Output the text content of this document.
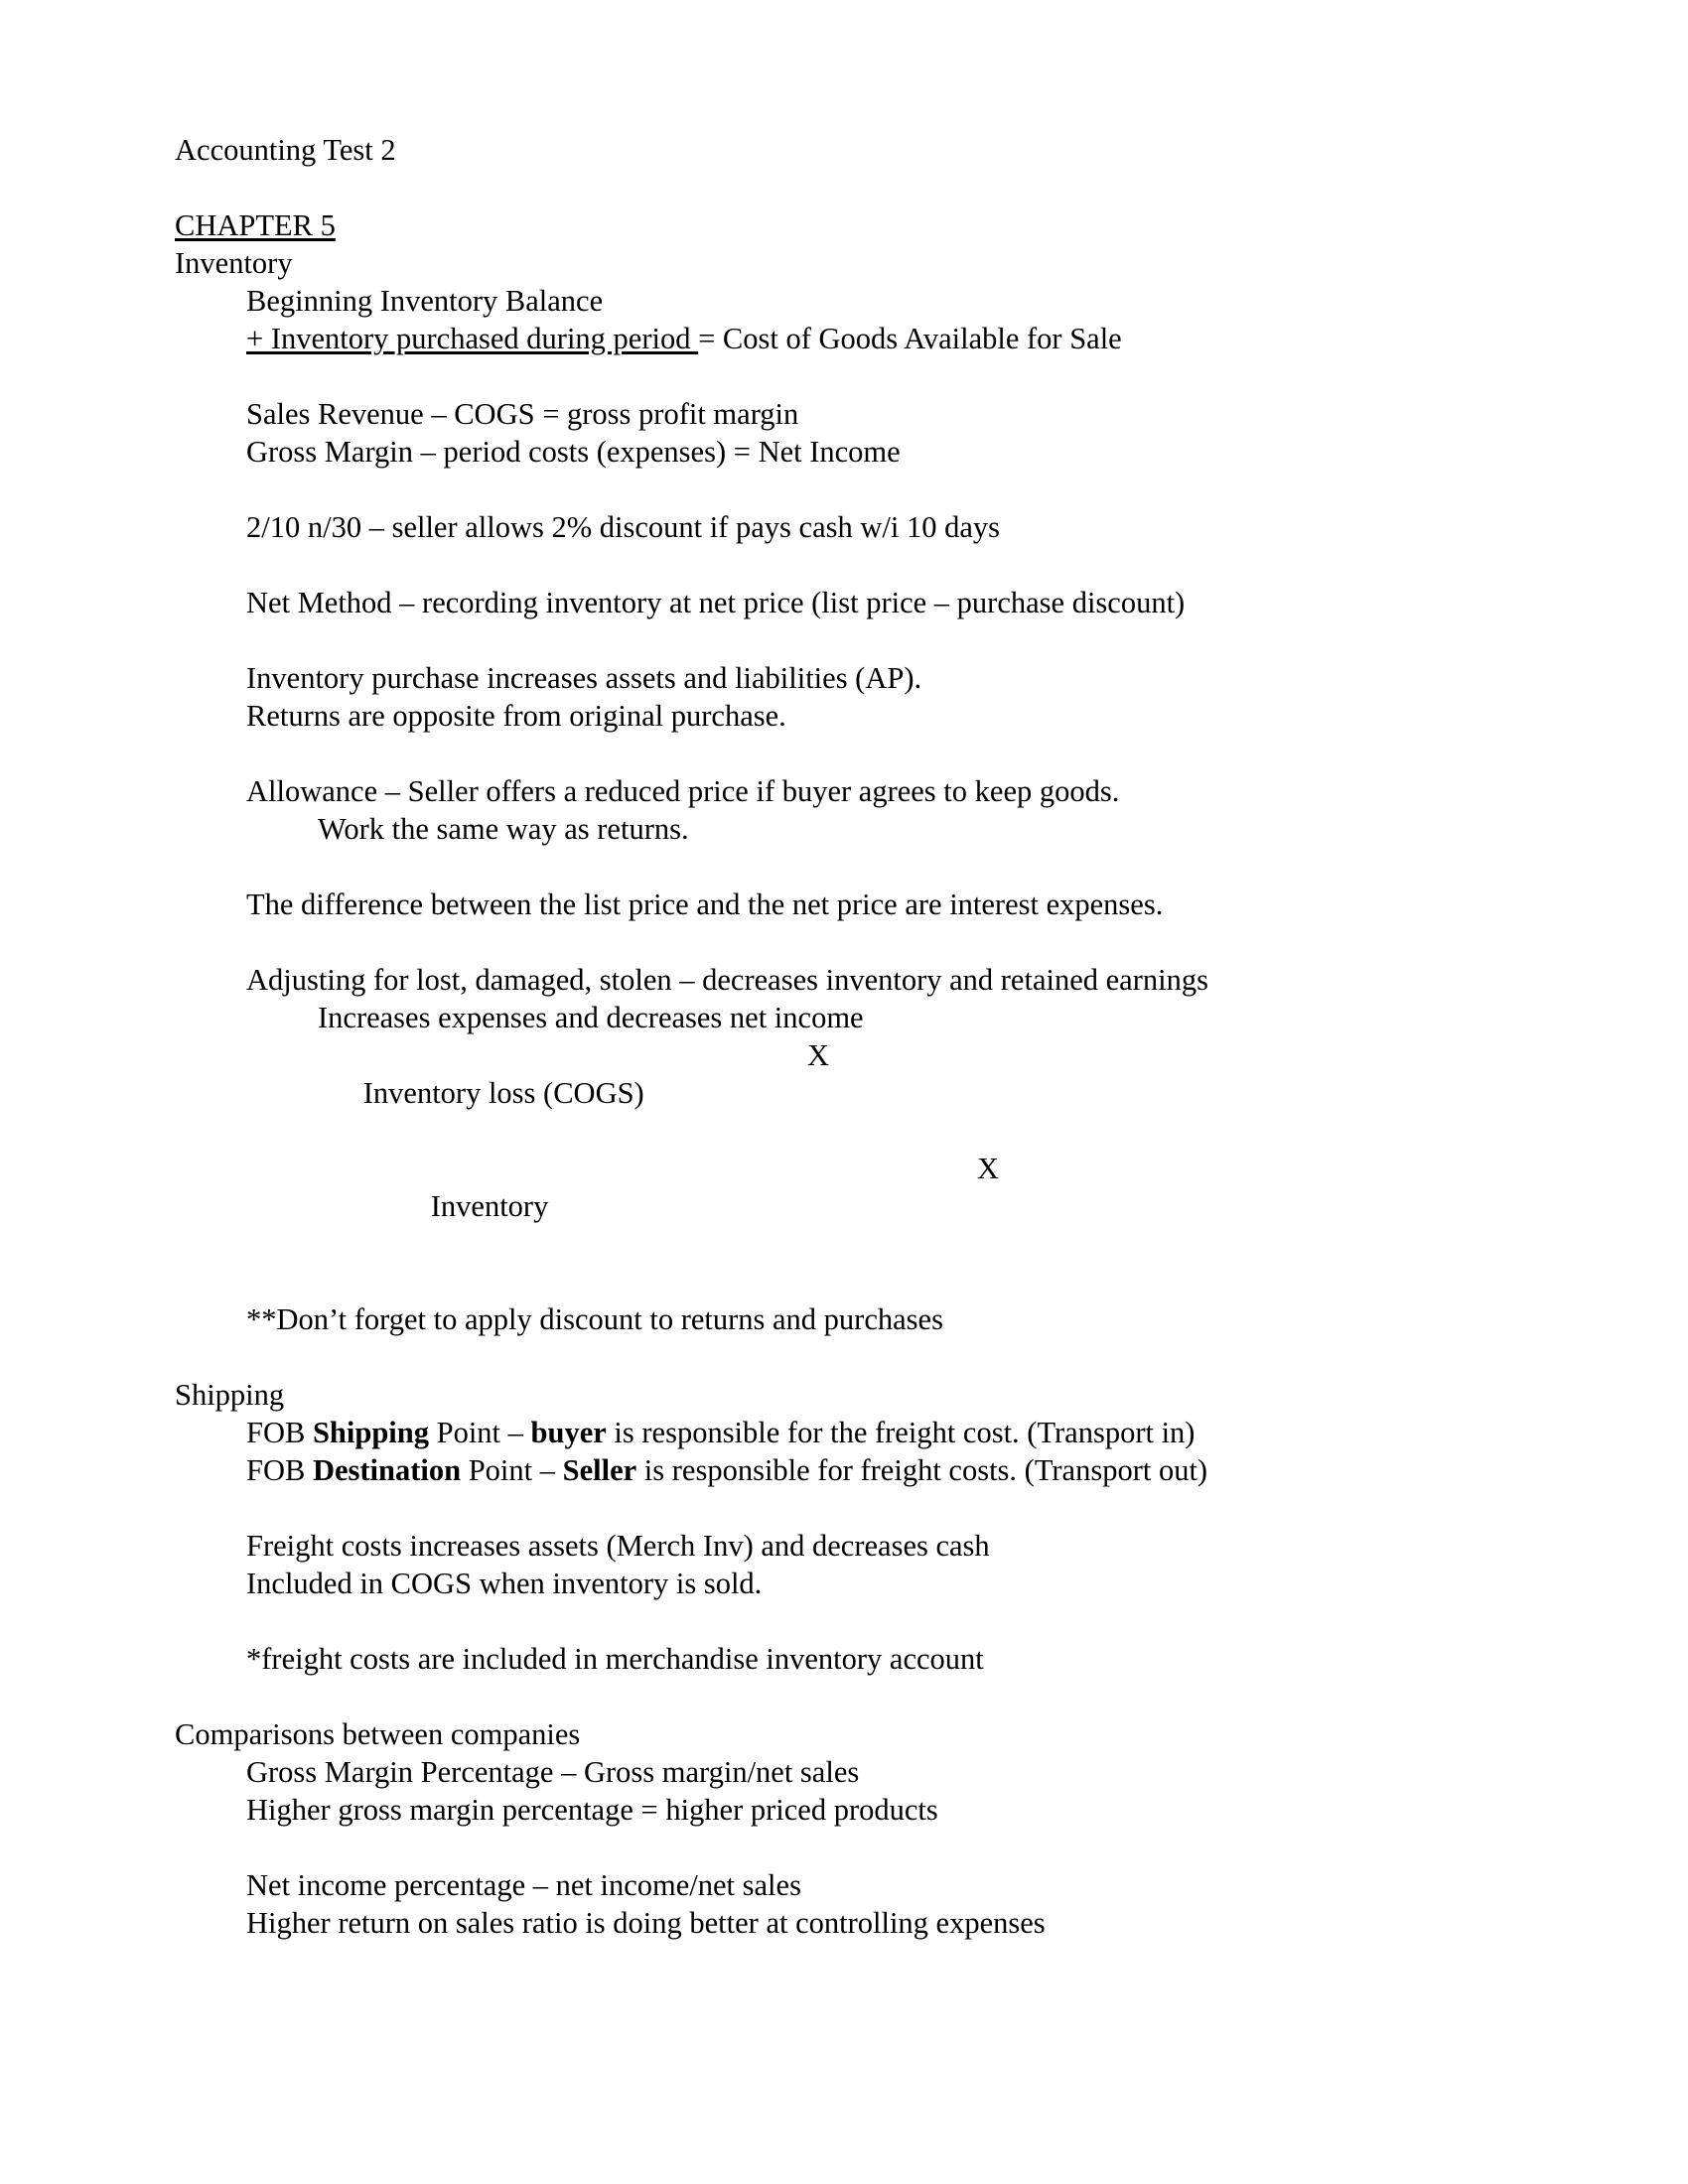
Accounting Test 2
CHAPTER 5
Inventory
Beginning Inventory Balance
+ Inventory purchased during period = Cost of Goods Available for Sale
Sales Revenue – COGS = gross profit margin
Gross Margin – period costs (expenses) = Net Income
2/10 n/30 – seller allows 2% discount if pays cash w/i 10 days
Net Method – recording inventory at net price (list price – purchase discount)
Inventory purchase increases assets and liabilities (AP).
Returns are opposite from original purchase.
Allowance – Seller offers a reduced price if buyer agrees to keep goods.
Work the same way as returns.
The difference between the list price and the net price are interest expenses.
Adjusting for lost, damaged, stolen – decreases inventory and retained earnings
Increases expenses and decreases net income

Inventory loss (COGS)
X

Inventory
X

**Don’t forget to apply discount to returns and purchases
Shipping
FOB Shipping Point – buyer is responsible for the freight cost. (Transport in)
FOB Destination Point – Seller is responsible for freight costs. (Transport out)
Freight costs increases assets (Merch Inv) and decreases cash
Included in COGS when inventory is sold.
*freight costs are included in merchandise inventory account
Comparisons between companies
Gross Margin Percentage – Gross margin/net sales
Higher gross margin percentage = higher priced products
Net income percentage – net income/net sales
Higher return on sales ratio is doing better at controlling expenses
